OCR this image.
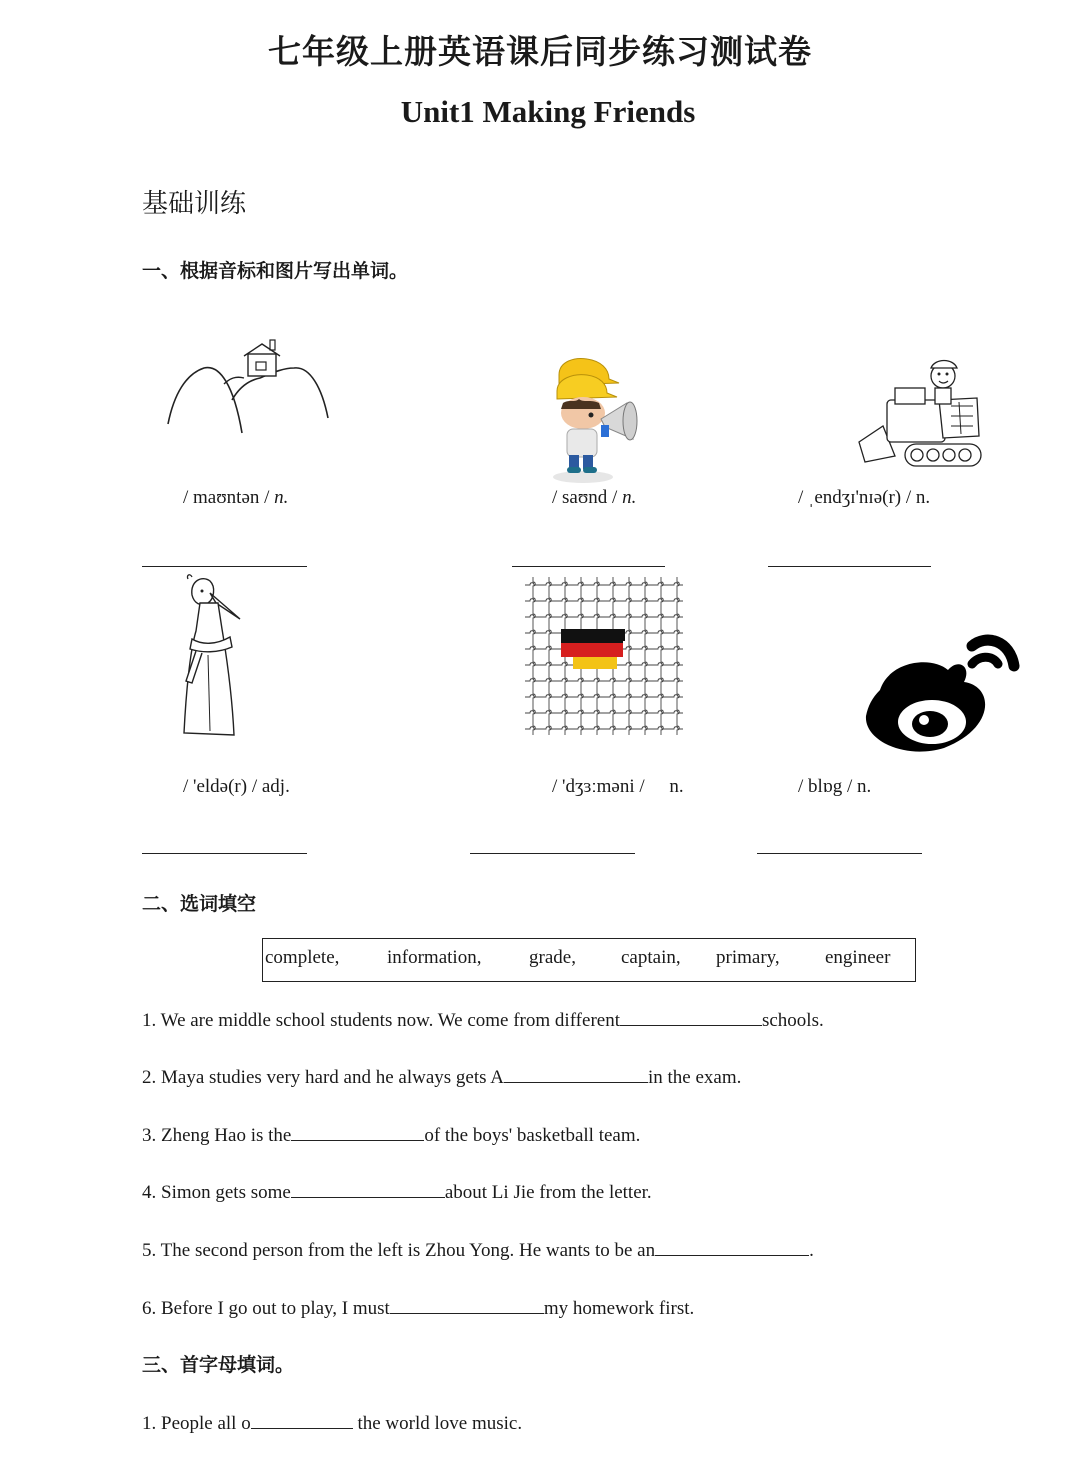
七年级上册英语课后同步练习测试卷
Unit1 Making Friends
基础训练
一、根据音标和图片写出单词。
/ maʊntən / n.	/ saʊnd / n.	/ ˌendʒɪ'nɪə(r) / n.
/ 'eldə(r) / adj.	/ 'dʒɜːməni / n.	/ blɒg / n.
二、选词填空
complete,	information,	grade, captain, primary, engineer
1. We are middle school students now. We come from different	schools.
2. Maya studies very hard and he always gets A	in the exam.
3. Zheng Hao is the	of the boys' basketball team.
4. Simon gets some	about Li Jie from the letter.
5. The second person from the left is Zhou Yong. He wants to be an	.
6. Before I go out to play, I must	my homework first.
三、首字母填词。
1. People all o	the world love music.
